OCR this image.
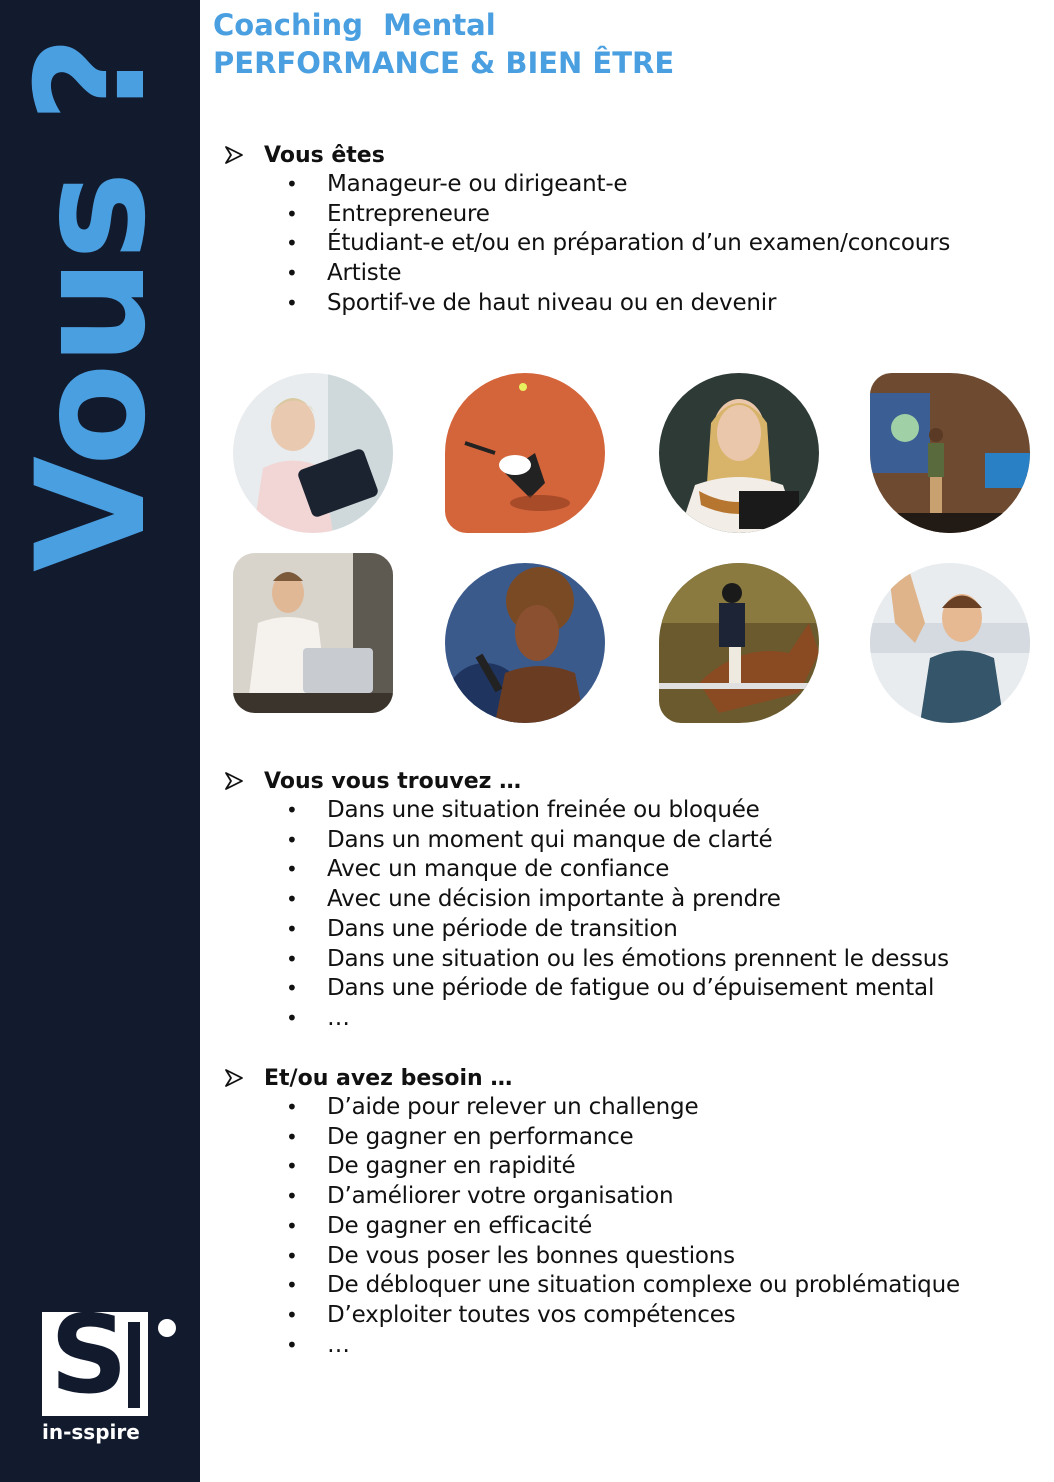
Vous ?
S
in-sspire
Coaching  Mental
PERFORMANCE & BIEN ÊTRE
Vous êtes
• Manageur-e ou dirigeant-e
• Entrepreneure
• Étudiant-e et/ou en préparation d’un examen/concours
• Artiste
• Sportif-ve de haut niveau ou en devenir
Vous vous trouvez …
• Dans une situation freinée ou bloquée
• Dans un moment qui manque de clarté
• Avec un manque de confiance
• Avec une décision importante à prendre
• Dans une période de transition
• Dans une situation ou les émotions prennent le dessus
• Dans une période de fatigue ou d’épuisement mental
• …
Et/ou avez besoin …
• D’aide pour relever un challenge
• De gagner en performance
• De gagner en rapidité
• D’améliorer votre organisation
• De gagner en efficacité
• De vous poser les bonnes questions
• De débloquer une situation complexe ou problématique
• D’exploiter toutes vos compétences
• …
